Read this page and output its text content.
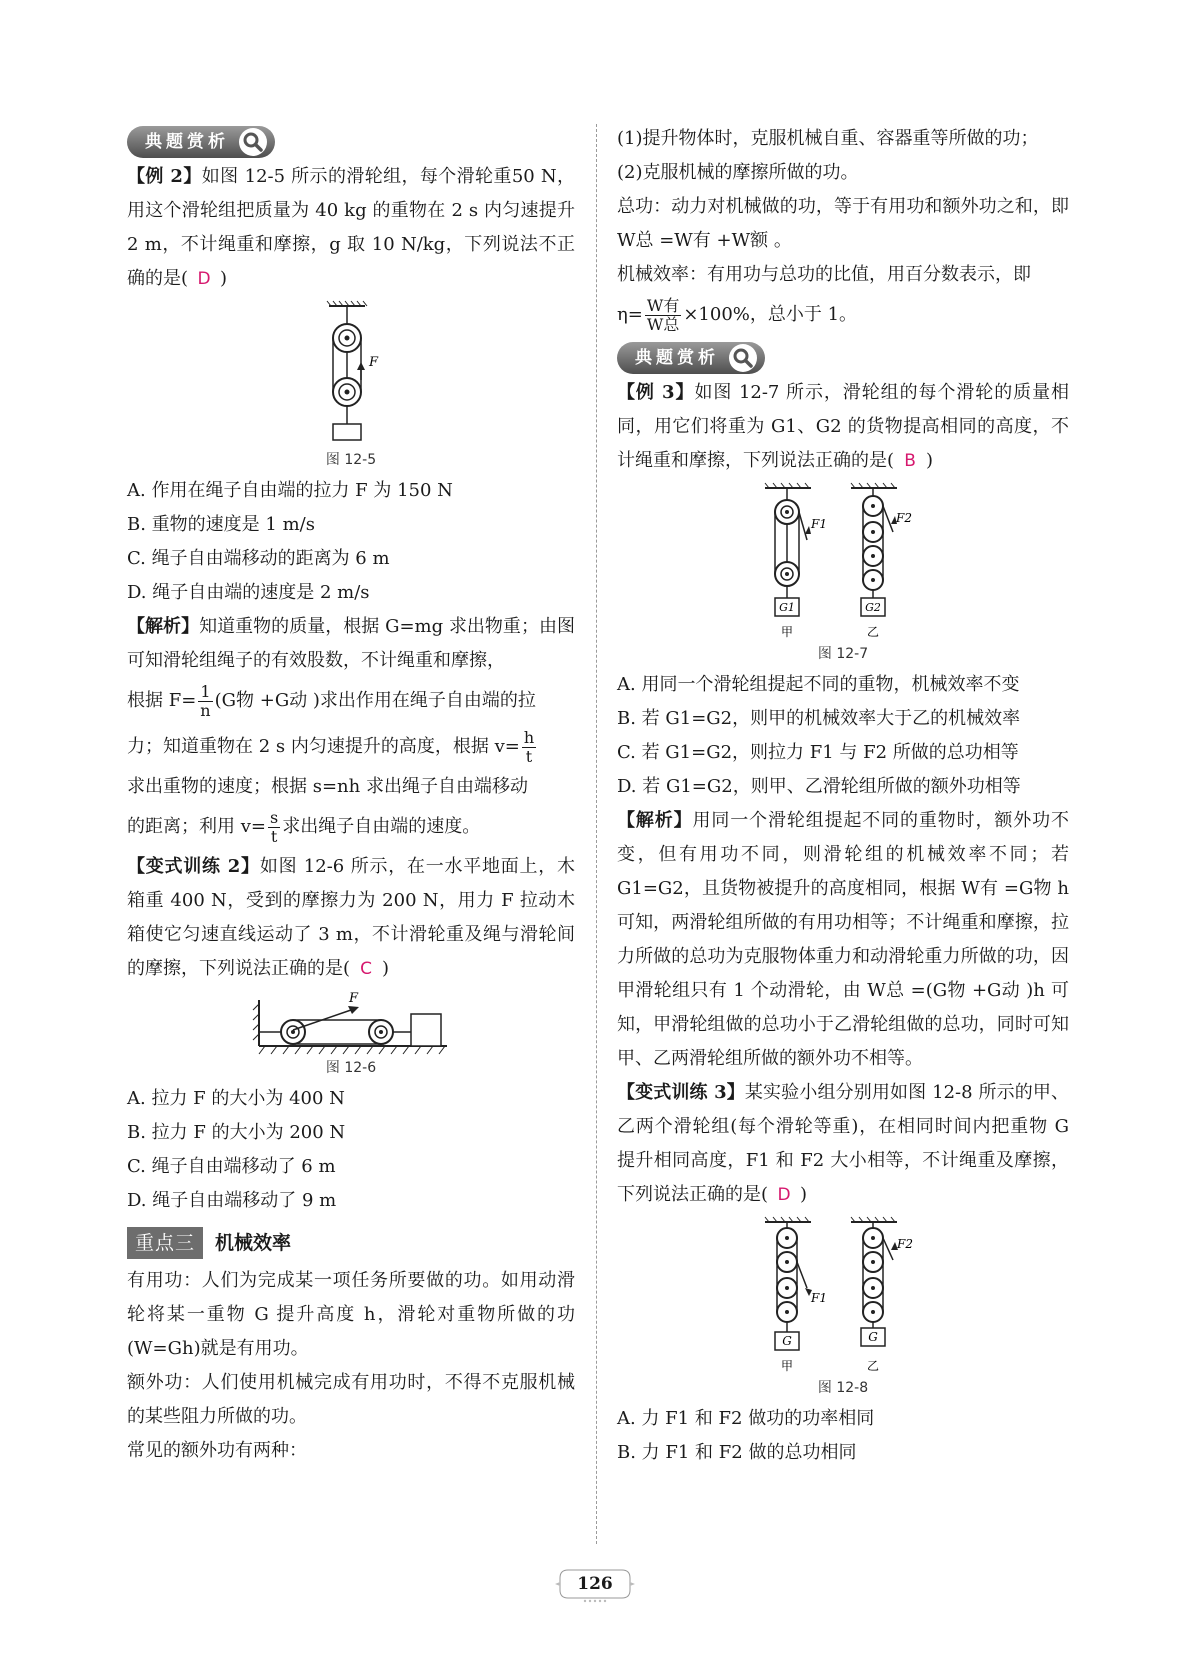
典题赏析

【例 2】如图 12-5 所示的滑轮组，每个滑轮重50 N，用这个滑轮组把质量为 40 kg 的重物在 2 s 内匀速提升 2 m，不计绳重和摩擦，g 取 10 N/kg，下列说法不正确的是( D )

F
图 12-5

A. 作用在绳子自由端的拉力 F 为 150 N

B. 重物的速度是 1 m/s

C. 绳子自由端移动的距离为 6 m

D. 绳子自由端的速度是 2 m/s

【解析】知道重物的质量，根据 G=mg 求出物重；由图可知滑轮组绳子的有效股数，不计绳重和摩擦，

根据 $F= \frac{1}{n} (G$物 +G动 )求出作用在绳子自由端的拉

力；知道重物在 2 s 内匀速提升的高度，根据 $v= \frac{h}{t}$

求出重物的速度；根据 s=nh 求出绳子自由端移动

的距离；利用 $v= \frac{s}{t}$ 求出绳子自由端的速度。

【变式训练 2】如图 12-6 所示，在一水平地面上，木箱重 400 N，受到的摩擦力为 200 N，用力 F 拉动木箱使它匀速直线运动了 3 m，不计滑轮重及绳与滑轮间的摩擦，下列说法正确的是( C )

F
图 12-6

A. 拉力 F 的大小为 400 N

B. 拉力 F 的大小为 200 N

C. 绳子自由端移动了 6 m

D. 绳子自由端移动了 9 m

重点三	机械效率

有用功：人们为完成某一项任务所要做的功。如用动滑轮将某一重物 G 提升高度 h，滑轮对重物所做的功(W=Gh)就是有用功。

额外功：人们使用机械完成有用功时，不得不克服机械的某些阻力所做的功。

常见的额外功有两种：

(1)提升物体时，克服机械自重、容器重等所做的功；

(2)克服机械的摩擦所做的功。

总功：动力对机械做的功，等于有用功和额外功之和，即 W总 =W有 +W额 。

机械效率：有用功与总功的比值，用百分数表示，即

$\eta= \frac{\text{W有}}{\text{W总}} \times 100\%$，总小于 1。

典题赏析

【例 3】如图 12-7 所示，滑轮组的每个滑轮的质量相同，用它们将重为 G1、G2 的货物提高相同的高度，不计绳重和摩擦，下列说法正确的是( B )

F1
G1
甲
F2
G2
乙
图 12-7

A. 用同一个滑轮组提起不同的重物，机械效率不变

B. 若 G1=G2，则甲的机械效率大于乙的机械效率

C. 若 G1=G2，则拉力 F1 与 F2 所做的总功相等

D. 若 G1=G2，则甲、乙滑轮组所做的额外功相等

【解析】用同一个滑轮组提起不同的重物时，额外功不变，但有用功不同，则滑轮组的机械效率不同；若 G1=G2，且货物被提升的高度相同，根据 W有 =G物 h 可知，两滑轮组所做的有用功相等；不计绳重和摩擦，拉力所做的总功为克服物体重力和动滑轮重力所做的功，因甲滑轮组只有 1 个动滑轮，由 W总 =(G物 +G动 )h 可知，甲滑轮组做的总功小于乙滑轮组做的总功，同时可知甲、乙两滑轮组所做的额外功不相等。

【变式训练 3】某实验小组分别用如图 12-8 所示的甲、乙两个滑轮组(每个滑轮等重)，在相同时间内把重物 G 提升相同高度，F1 和 F2 大小相等，不计绳重及摩擦，下列说法正确的是( D )

F1
G
甲
F2
G
乙
图 12-8

A. 力 F1 和 F2 做功的功率相同

B. 力 F1 和 F2 做的总功相同

126
